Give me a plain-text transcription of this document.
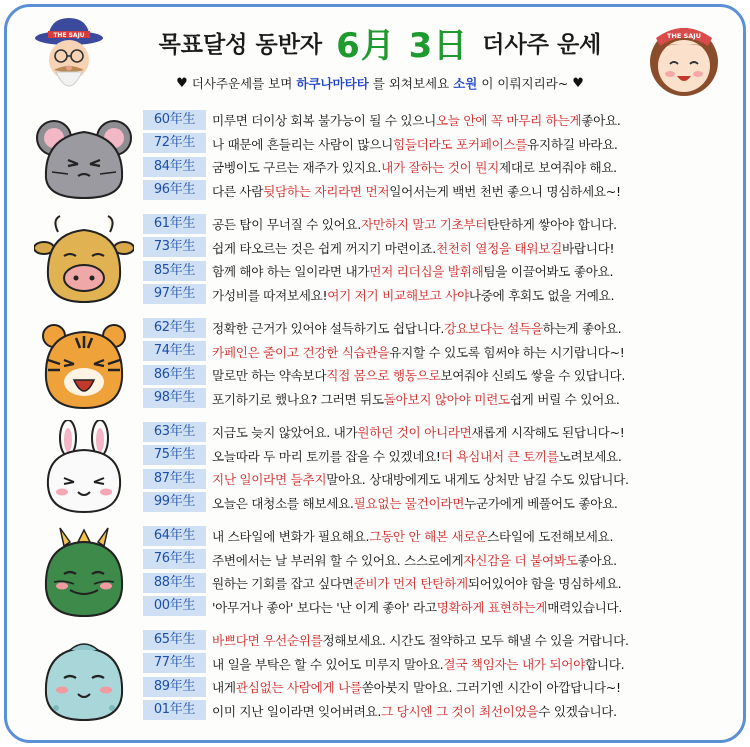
THE SAJU	THE SAJU
목표달성 동반자 6月 3日 더사주 운세
♥ 더사주운세를 보며 하쿠나마타타 를 외쳐보세요 소원 이 이뤄지리라~ ♥
60年生	미루면 더이상 회복 불가능이 될 수 있으니 오늘 안에 꼭 마무리 하는게 좋아요.
72年生	나 때문에 흔들리는 사람이 많으니 힘들더라도 포커페이스를 유지하길 바라요.
84年生	굼벵이도 구르는 재주가 있지요. 내가 잘하는 것이 뭔지 제대로 보여줘야 해요.
96年生	다른 사람 뒷담하는 자리라면 먼저 일어서는게 백번 천번 좋으니 명심하세요~!
61年生	공든 탑이 무너질 수 있어요. 자만하지 말고 기초부터 탄탄하게 쌓아야 합니다.
73年生	쉽게 타오르는 것은 쉽게 꺼지기 마련이죠. 천천히 열정을 태워보길 바랍니다!
85年生	함께 해야 하는 일이라면 내가 먼저 리더십을 발휘해 팀을 이끌어봐도 좋아요.
97年生	가성비를 따져보세요! 여기 저기 비교해보고 사야 나중에 후회도 없을 거예요.
62年生	정확한 근거가 있어야 설득하기도 쉽답니다. 강요보다는 설득을 하는게 좋아요.
74年生	카페인은 줄이고 건강한 식습관을 유지할 수 있도록 힘써야 하는 시기랍니다~!
86年生	말로만 하는 약속보다 직접 몸으로 행동으로 보여줘야 신뢰도 쌓을 수 있답니다.
98年生	포기하기로 했나요? 그러면 뒤도 돌아보지 않아야 미련도 쉽게 버릴 수 있어요.
63年生	지금도 늦지 않았어요. 내가 원하던 것이 아니라면 새롭게 시작해도 된답니다~!
75年生	오늘따라 두 마리 토끼를 잡을 수 있겠네요! 더 욕심내서 큰 토끼를 노려보세요.
87年生	지난 일이라면 들추지 말아요. 상대방에게도 내게도 상처만 남길 수도 있답니다.
99年生	오늘은 대청소를 해보세요. 필요없는 물건이라면 누군가에게 베풀어도 좋아요.
64年生	내 스타일에 변화가 필요해요. 그동안 안 해본 새로운 스타일에 도전해보세요.
76年生	주변에서는 날 부러워 할 수 있어요. 스스로에게 자신감을 더 붙여봐도 좋아요.
88年生	원하는 기회를 잡고 싶다면 준비가 먼저 탄탄하게 되어있어야 함을 명심하세요.
00年生	'아무거나 좋아' 보다는 '난 이게 좋아' 라고 명확하게 표현하는게 매력있습니다.
65年生	바쁘다면 우선순위를 정해보세요. 시간도 절약하고 모두 해낼 수 있을 거랍니다.
77年生	내 일을 부탁은 할 수 있어도 미루지 말아요. 결국 책임자는 내가 되어야 합니다.
89年生	내게 관심없는 사람에게 나를 쏟아붓지 말아요. 그러기엔 시간이 아깝답니다~!
01年生	이미 지난 일이라면 잊어버려요. 그 당시엔 그 것이 최선이었을 수 있겠습니다.
